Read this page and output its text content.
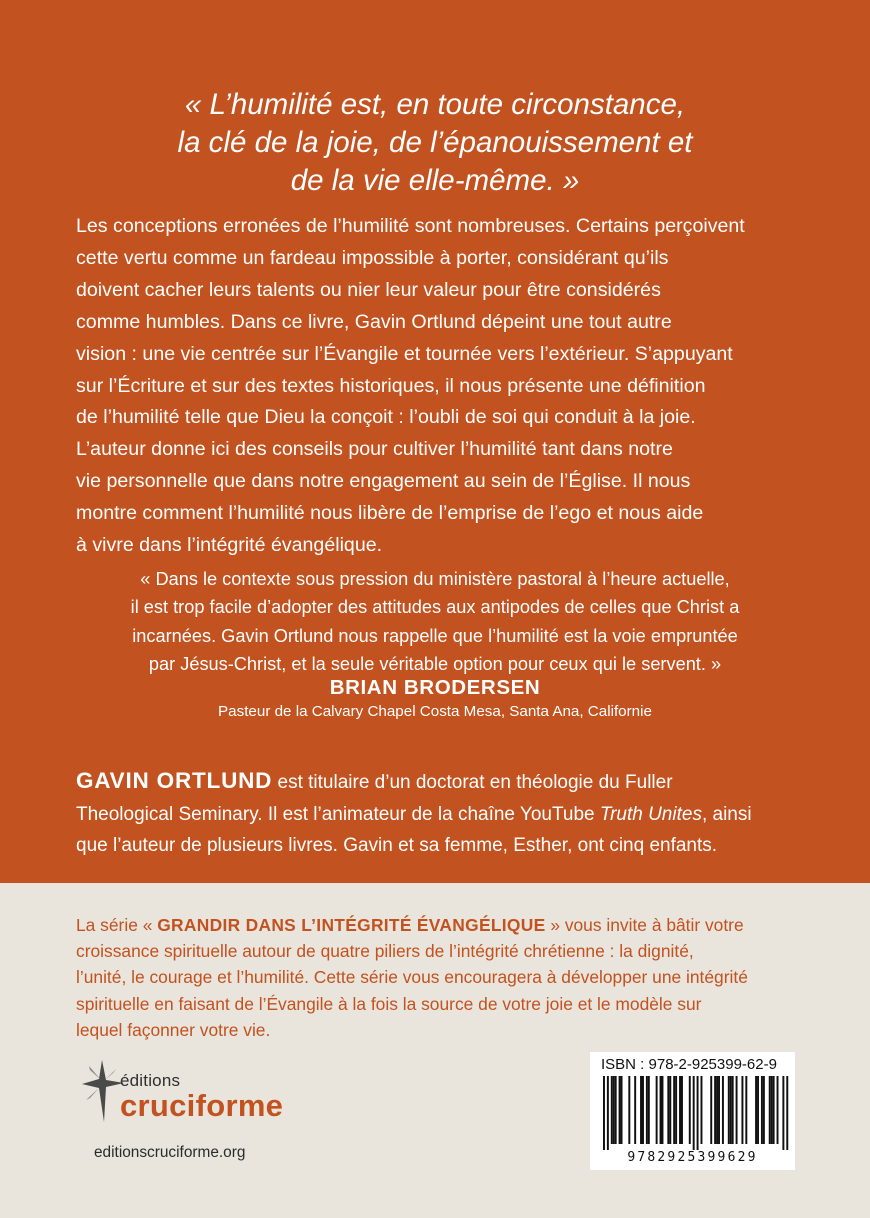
« L’humilité est, en toute circonstance,
la clé de la joie, de l’épanouissement et
de la vie elle-même. »

Les conceptions erronées de l’humilité sont nombreuses. Certains perçoivent
cette vertu comme un fardeau impossible à porter, considérant qu’ils
doivent cacher leurs talents ou nier leur valeur pour être considérés
comme humbles. Dans ce livre, Gavin Ortlund dépeint une tout autre
vision : une vie centrée sur l’Évangile et tournée vers l’extérieur. S’appuyant
sur l’Écriture et sur des textes historiques, il nous présente une définition
de l’humilité telle que Dieu la conçoit : l’oubli de soi qui conduit à la joie.
L’auteur donne ici des conseils pour cultiver l’humilité tant dans notre
vie personnelle que dans notre engagement au sein de l’Église. Il nous
montre comment l’humilité nous libère de l’emprise de l’ego et nous aide
à vivre dans l’intégrité évangélique.

« Dans le contexte sous pression du ministère pastoral à l’heure actuelle,
il est trop facile d’adopter des attitudes aux antipodes de celles que Christ a
incarnées. Gavin Ortlund nous rappelle que l’humilité est la voie empruntée
par Jésus-Christ, et la seule véritable option pour ceux qui le servent. »

BRIAN BRODERSEN
Pasteur de la Calvary Chapel Costa Mesa, Santa Ana, Californie

GAVIN ORTLUND est titulaire d’un doctorat en théologie du Fuller
Theological Seminary. Il est l’animateur de la chaîne YouTube Truth Unites, ainsi
que l’auteur de plusieurs livres. Gavin et sa femme, Esther, ont cinq enfants.

La série « GRANDIR DANS L’INTÉGRITÉ ÉVANGÉLIQUE » vous invite à bâtir votre
croissance spirituelle autour de quatre piliers de l’intégrité chrétienne : la dignité,
l’unité, le courage et l’humilité. Cette série vous encouragera à développer une intégrité
spirituelle en faisant de l’Évangile à la fois la source de votre joie et le modèle sur
lequel façonner votre vie.

éditions
cruciforme
editionscruciforme.org
ISBN : 978-2-925399-62-9
9782925399629
